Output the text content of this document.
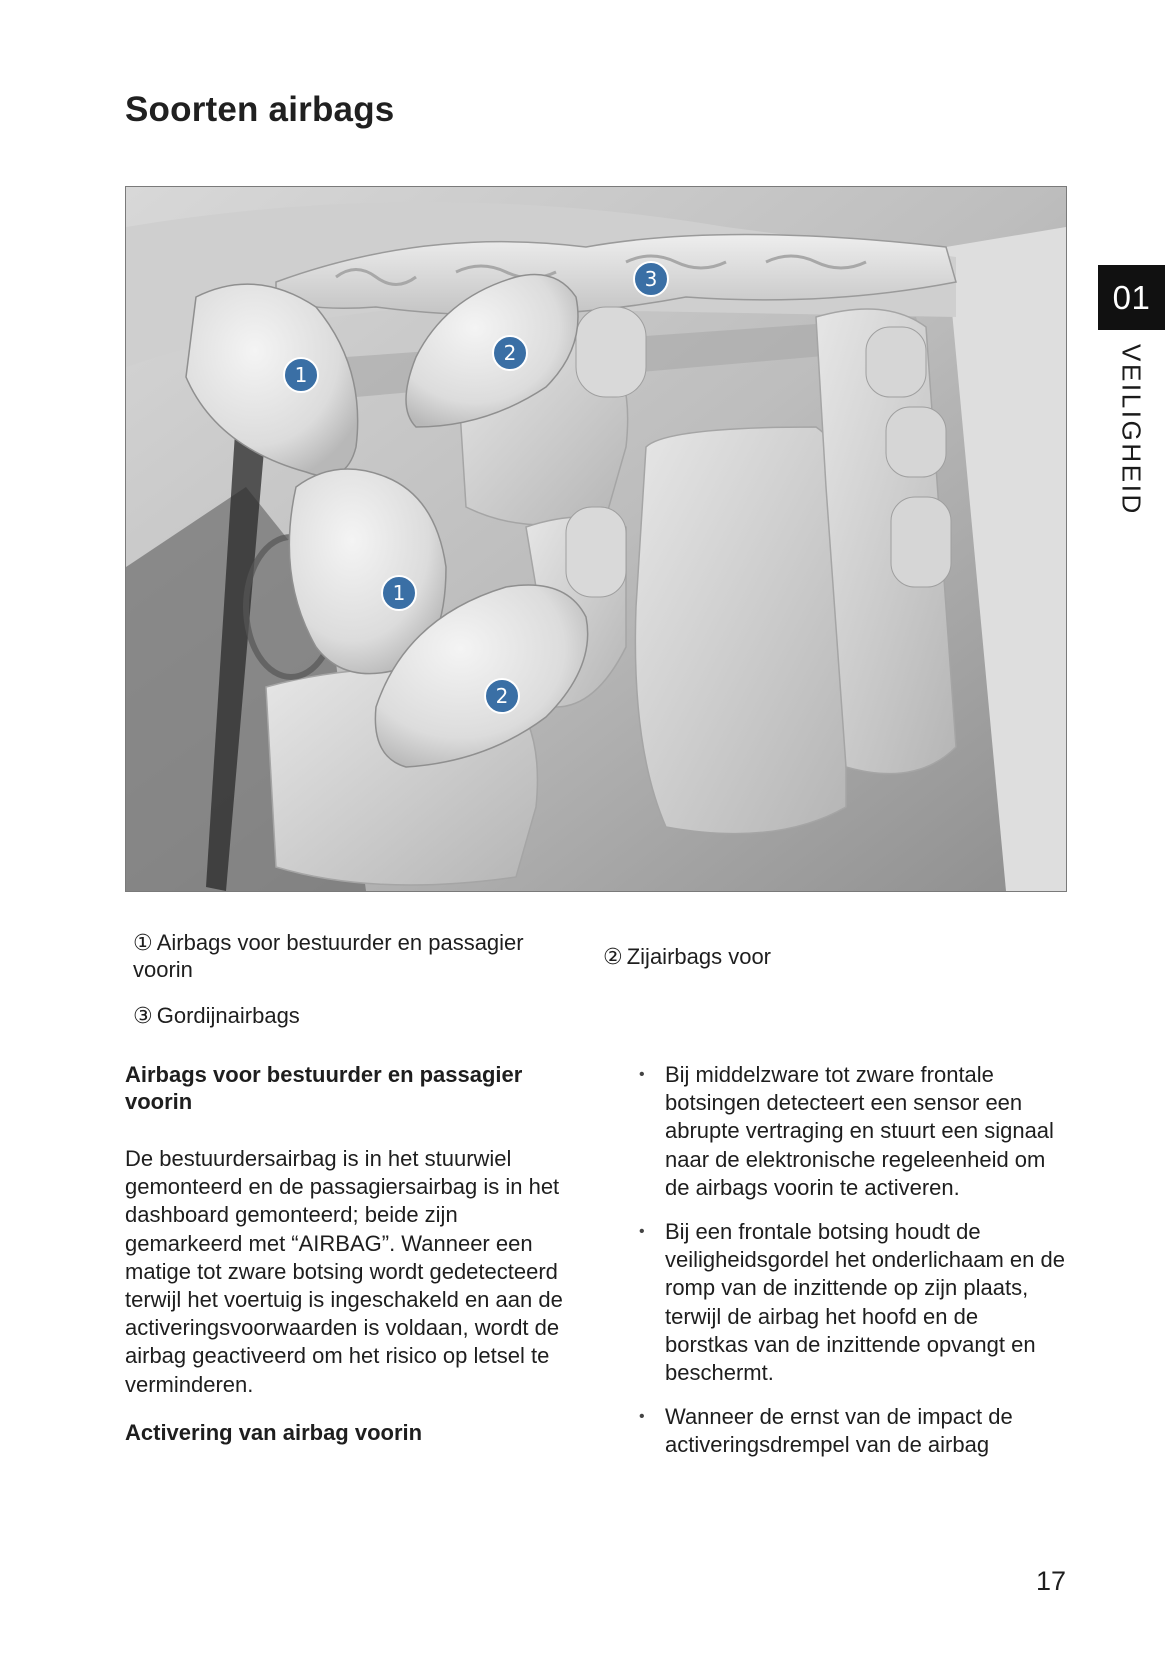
Soorten airbags
1
1
2
2
3	01
VEILIGHEID
① Airbags voor bestuurder en passagier voorin
② Zijairbags voor
③ Gordijnairbags
Airbags voor bestuurder en passagier voorin
De bestuurdersairbag is in het stuurwiel gemonteerd en de passagiersairbag is in het dashboard gemonteerd; beide zijn gemarkeerd met “AIRBAG”. Wanneer een matige tot zware botsing wordt gedetecteerd terwijl het voertuig is ingeschakeld en aan de activeringsvoorwaarden is voldaan, wordt de airbag geactiveerd om het risico op letsel te verminderen.
Activering van airbag voorin
• Bij middelzware tot zware frontale botsingen detecteert een sensor een abrupte vertraging en stuurt een signaal naar de elektronische regeleenheid om de airbags voorin te activeren.
• Bij een frontale botsing houdt de veiligheidsgordel het onderlichaam en de romp van de inzittende op zijn plaats, terwijl de airbag het hoofd en de borstkas van de inzittende opvangt en beschermt.
• Wanneer de ernst van de impact de activeringsdrempel van de airbag
17
